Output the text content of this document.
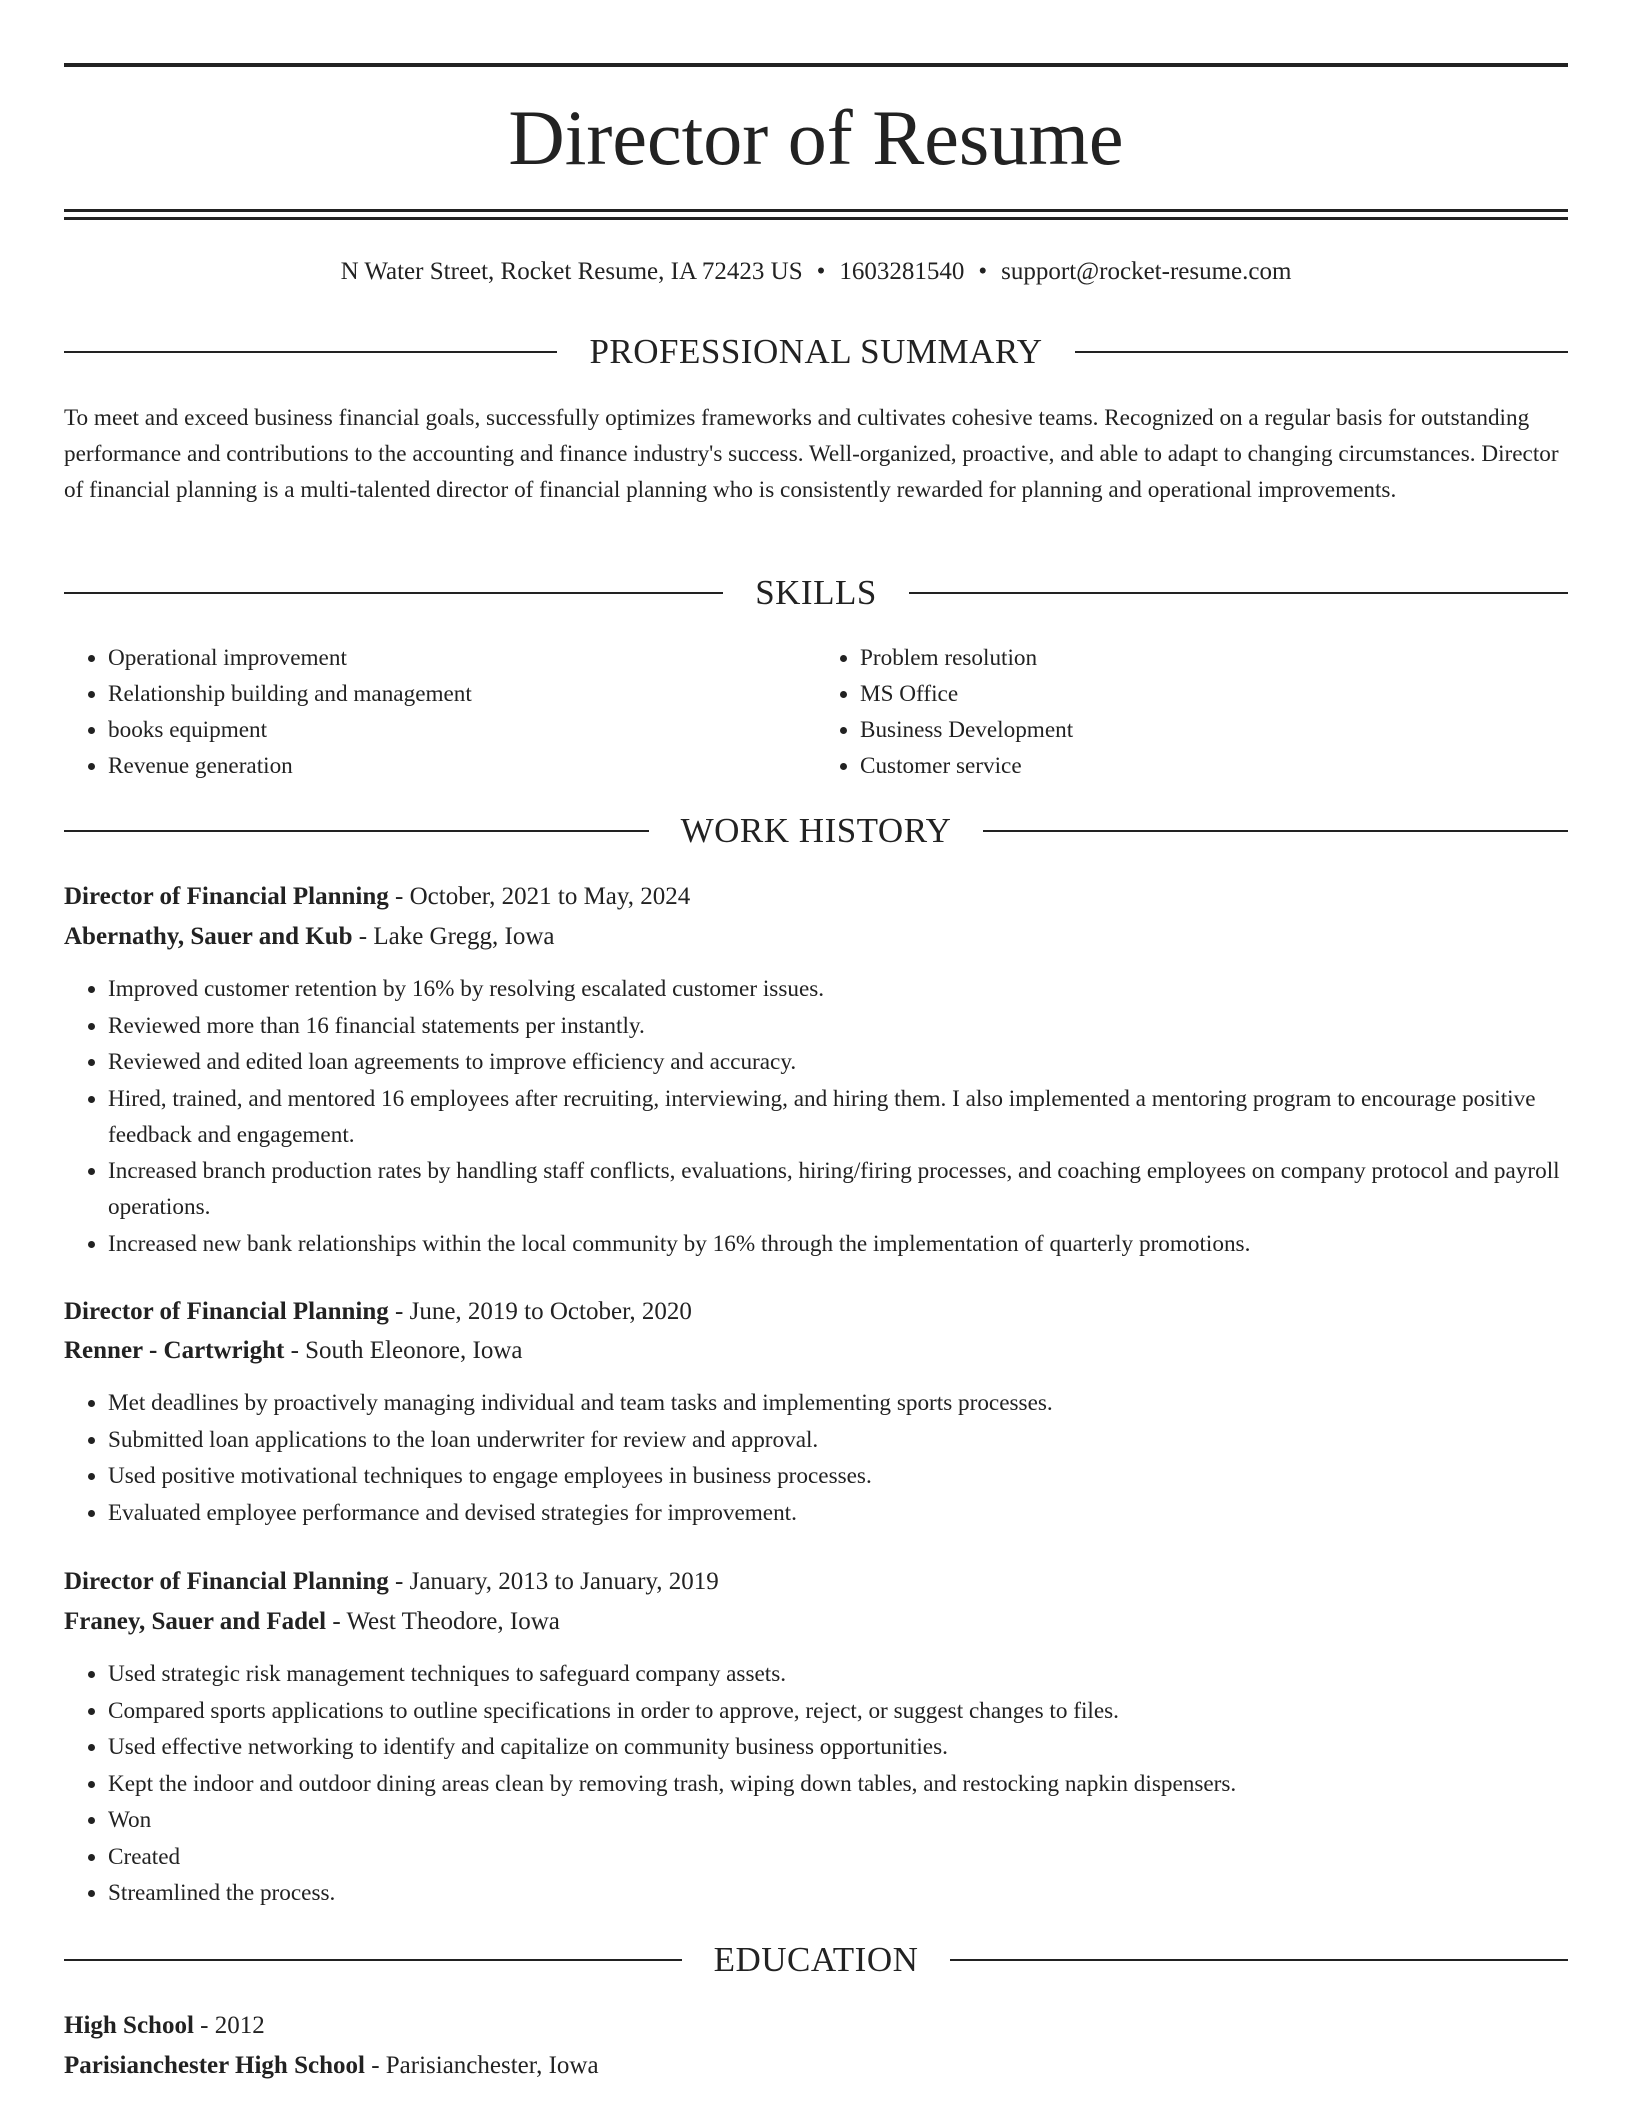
Director of Resume
N Water Street, Rocket Resume, IA 72423 US • 1603281540 • support@rocket-resume.com
PROFESSIONAL SUMMARY

To meet and exceed business financial goals, successfully optimizes frameworks and cultivates cohesive teams. Recognized on a regular basis for outstanding performance and contributions to the accounting and finance industry's success. Well-organized, proactive, and able to adapt to changing circumstances. Director of financial planning is a multi-talented director of financial planning who is consistently rewarded for planning and operational improvements.

SKILLS
• Operational improvement
• Relationship building and management
• books equipment
• Revenue generation
• Problem resolution
• MS Office
• Business Development
• Customer service
WORK HISTORY
Director of Financial Planning - October, 2021 to May, 2024
Abernathy, Sauer and Kub - Lake Gregg, Iowa
• Improved customer retention by 16% by resolving escalated customer issues.
• Reviewed more than 16 financial statements per instantly.
• Reviewed and edited loan agreements to improve efficiency and accuracy.
• Hired, trained, and mentored 16 employees after recruiting, interviewing, and hiring them. I also implemented a mentoring program to encourage positive feedback and engagement.
• Increased branch production rates by handling staff conflicts, evaluations, hiring/firing processes, and coaching employees on company protocol and payroll operations.
• Increased new bank relationships within the local community by 16% through the implementation of quarterly promotions.
Director of Financial Planning - June, 2019 to October, 2020
Renner - Cartwright - South Eleonore, Iowa
• Met deadlines by proactively managing individual and team tasks and implementing sports processes.
• Submitted loan applications to the loan underwriter for review and approval.
• Used positive motivational techniques to engage employees in business processes.
• Evaluated employee performance and devised strategies for improvement.
Director of Financial Planning - January, 2013 to January, 2019
Franey, Sauer and Fadel - West Theodore, Iowa
• Used strategic risk management techniques to safeguard company assets.
• Compared sports applications to outline specifications in order to approve, reject, or suggest changes to files.
• Used effective networking to identify and capitalize on community business opportunities.
• Kept the indoor and outdoor dining areas clean by removing trash, wiping down tables, and restocking napkin dispensers.
• Won
• Created
• Streamlined the process.
EDUCATION
High School - 2012
Parisianchester High School - Parisianchester, Iowa
